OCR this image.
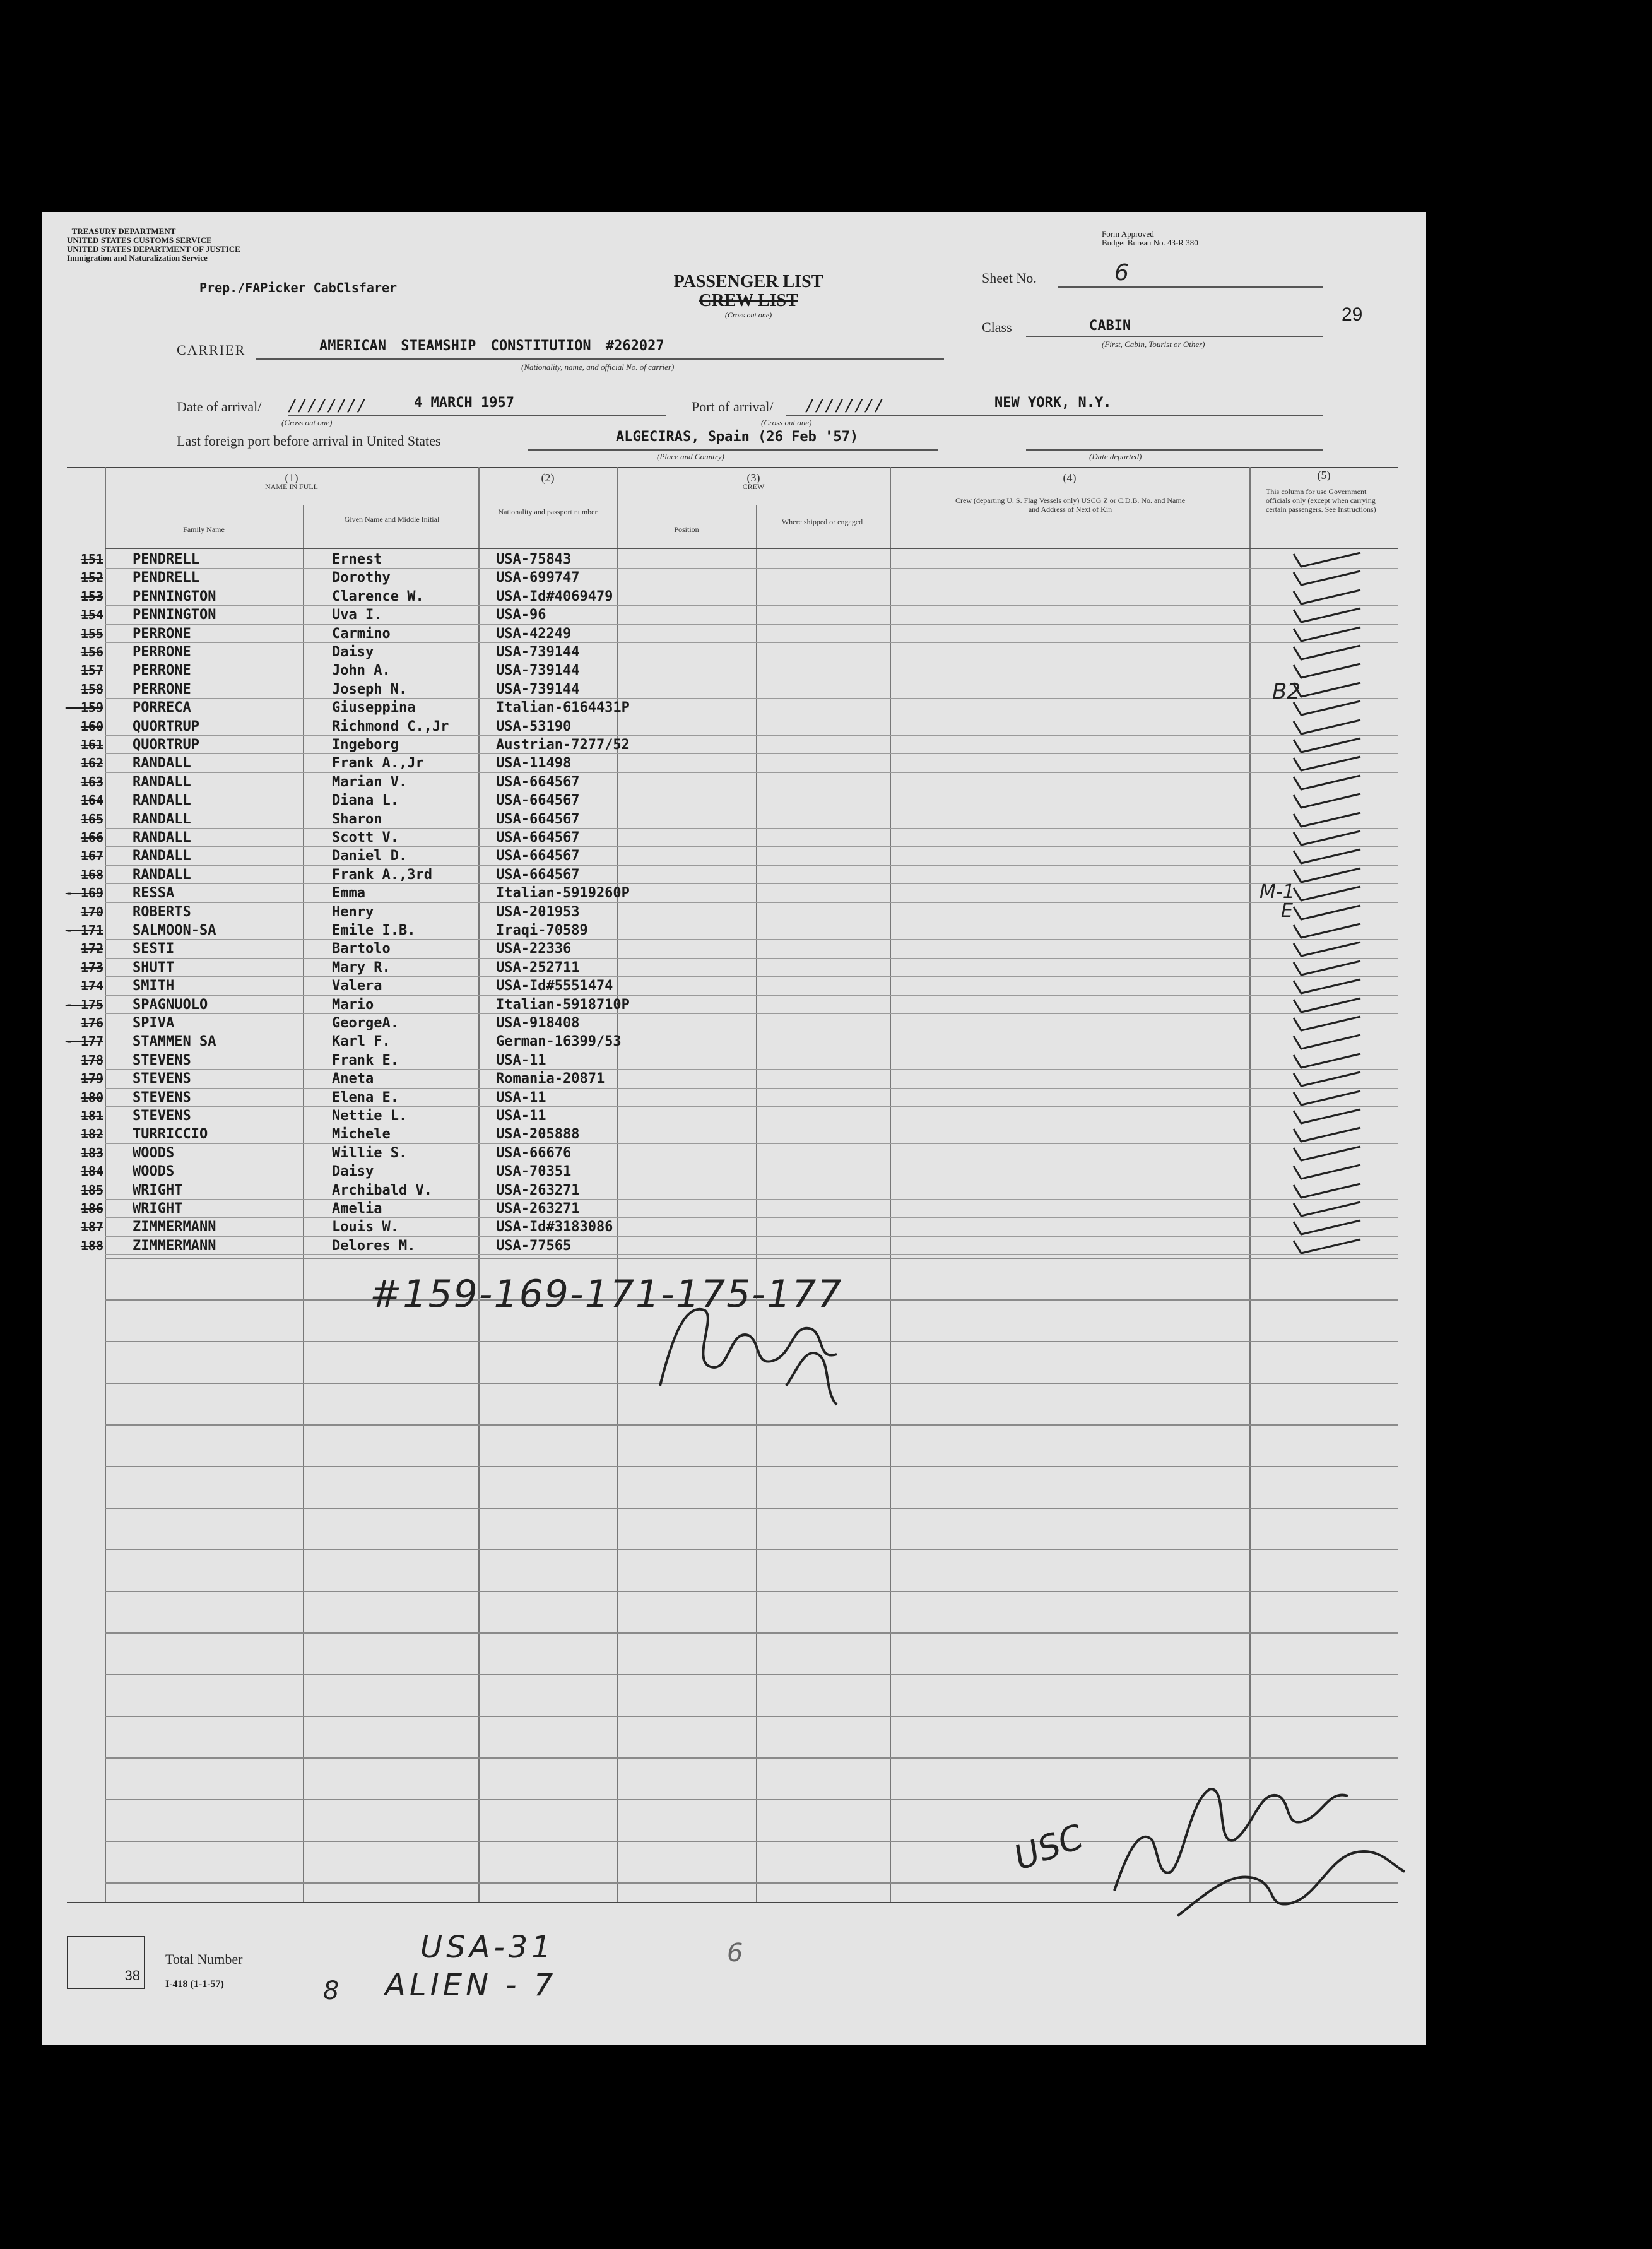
TREASURY DEPARTMENT
UNITED STATES CUSTOMS SERVICE
UNITED STATES DEPARTMENT OF JUSTICE
Immigration and Naturalization Service
Form Approved
Budget Bureau No. 43-R 380
Prep./FAPicker CabClsfarer	PASSENGER LIST
CREW LIST
(Cross out one)
Sheet No.	6
29
Class	CABIN
(First, Cabin, Tourist or Other)
CARRIER	AMERICAN STEAMSHIP CONSTITUTION #262027
(Nationality, name, and official No. of carrier)
Date of arrival/ ////////	4 MARCH 1957
(Cross out one)
Port of arrival/ ////////	NEW YORK, N.Y.
(Cross out one)
Last foreign port before arrival in United States	ALGECIRAS, Spain (26 Feb '57)
(Place and Country)	(Date departed)
(1)
NAME IN FULL
Family Name
Given Name and Middle Initial
(2)
Nationality and passport number
(3)
CREW
Position
Where shipped or engaged
(4)
Crew (departing U. S. Flag Vessels only) USCG Z or C.D.B. No. and Name and Address of Next of Kin
(5)
This column for use Government officials only (except when carrying certain passengers. See Instructions)
151 PENDRELL	Ernest	USA-75843
152 PENDRELL	Dorothy	USA-699747
153 PENNINGTON	Clarence W.	USA-Id#4069479
154 PENNINGTON	Uva I.	USA-96
155 PERRONE	Carmino	USA-42249
156 PERRONE	Daisy	USA-739144
157 PERRONE	John A.	USA-739144
158 PERRONE	Joseph N.	USA-739144
- 159 PORRECA	Giuseppina	Italian-6164431P
160 QUORTRUP	Richmond C.,Jr	USA-53190
161 QUORTRUP	Ingeborg	Austrian-7277/52
162 RANDALL	Frank A.,Jr	USA-11498
163 RANDALL	Marian V.	USA-664567
164 RANDALL	Diana L.	USA-664567
165 RANDALL	Sharon	USA-664567
166 RANDALL	Scott V.	USA-664567
167 RANDALL	Daniel D.	USA-664567
168 RANDALL	Frank A.,3rd	USA-664567
- 169 RESSA	Emma	Italian-5919260P
170 ROBERTS	Henry	USA-201953
- 171 SALMOON-SA	Emile I.B.	Iraqi-70589
172 SESTI	Bartolo	USA-22336
173 SHUTT	Mary R.	USA-252711
174 SMITH	Valera	USA-Id#5551474
- 175 SPAGNUOLO	Mario	Italian-5918710P
176 SPIVA	GeorgeA.	USA-918408
- 177 STAMMEN SA	Karl F.	German-16399/53
178 STEVENS	Frank E.	USA-11
179 STEVENS	Aneta	Romania-20871
180 STEVENS	Elena E.	USA-11
181 STEVENS	Nettie L.	USA-11
182 TURRICCIO	Michele	USA-205888
183 WOODS	Willie S.	USA-66676
184 WOODS	Daisy	USA-70351
185 WRIGHT	Archibald V.	USA-263271
186 WRIGHT	Amelia	USA-263271
187 ZIMMERMANN	Louis W.	USA-Id#3183086
188 ZIMMERMANN	Delores M.	USA-77565
#159-169-171-175-177
USC
38
Total Number
I-418 (1-1-57)
USA-31
ALIEN - 7
8
6
B2
M-1
E
